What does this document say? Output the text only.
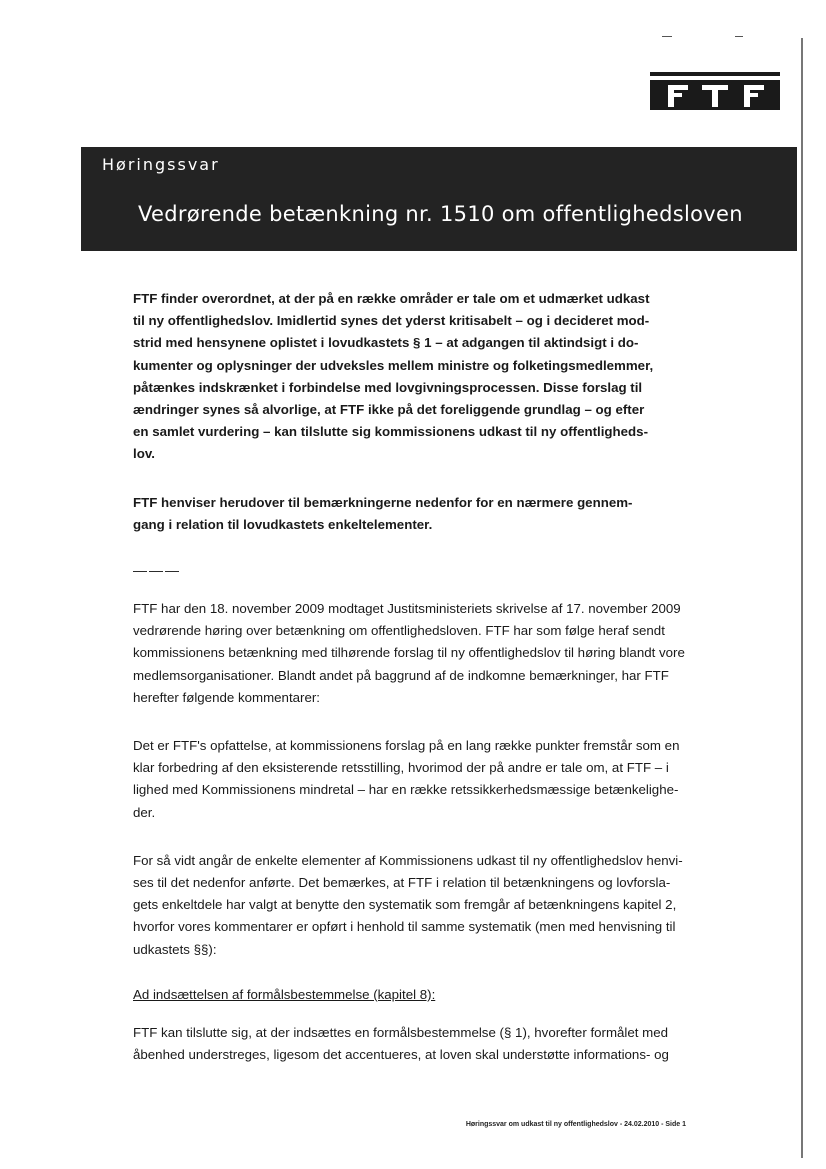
Høringssvar
Vedrørende betænkning nr. 1510 om offentlighedsloven
FTF finder overordnet, at der på en række områder er tale om et udmærket udkast
til ny offentlighedslov. Imidlertid synes det yderst kritisabelt – og i decideret mod-
strid med hensynene oplistet i lovudkastets § 1 – at adgangen til aktindsigt i do-
kumenter og oplysninger der udveksles mellem ministre og folketingsmedlemmer,
påtænkes indskrænket i forbindelse med lovgivningsprocessen. Disse forslag til
ændringer synes så alvorlige, at FTF ikke på det foreliggende grundlag – og efter
en samlet vurdering – kan tilslutte sig kommissionens udkast til ny offentligheds-
lov.
FTF henviser herudover til bemærkningerne nedenfor for en nærmere gennem-
gang i relation til lovudkastets enkeltelementer.
———
FTF har den 18. november 2009 modtaget Justitsministeriets skrivelse af 17. november 2009
vedrørende høring over betænkning om offentlighedsloven. FTF har som følge heraf sendt
kommissionens betænkning med tilhørende forslag til ny offentlighedslov til høring blandt vore
medlemsorganisationer. Blandt andet på baggrund af de indkomne bemærkninger, har FTF
herefter følgende kommentarer:
Det er FTF's opfattelse, at kommissionens forslag på en lang række punkter fremstår som en
klar forbedring af den eksisterende retsstilling, hvorimod der på andre er tale om, at FTF – i
lighed med Kommissionens mindretal – har en række retssikkerhedsmæssige betænkelighe-
der.
For så vidt angår de enkelte elementer af Kommissionens udkast til ny offentlighedslov henvi-
ses til det nedenfor anførte. Det bemærkes, at FTF i relation til betænkningens og lovforsla-
gets enkeltdele har valgt at benytte den systematik som fremgår af betænkningens kapitel 2,
hvorfor vores kommentarer er opført i henhold til samme systematik (men med henvisning til
udkastets §§):
Ad indsættelsen af formålsbestemmelse (kapitel 8):
FTF kan tilslutte sig, at der indsættes en formålsbestemmelse (§ 1), hvorefter formålet med
åbenhed understreges, ligesom det accentueres, at loven skal understøtte informations- og
Høringssvar om udkast til ny offentlighedslov - 24.02.2010 - Side 1
